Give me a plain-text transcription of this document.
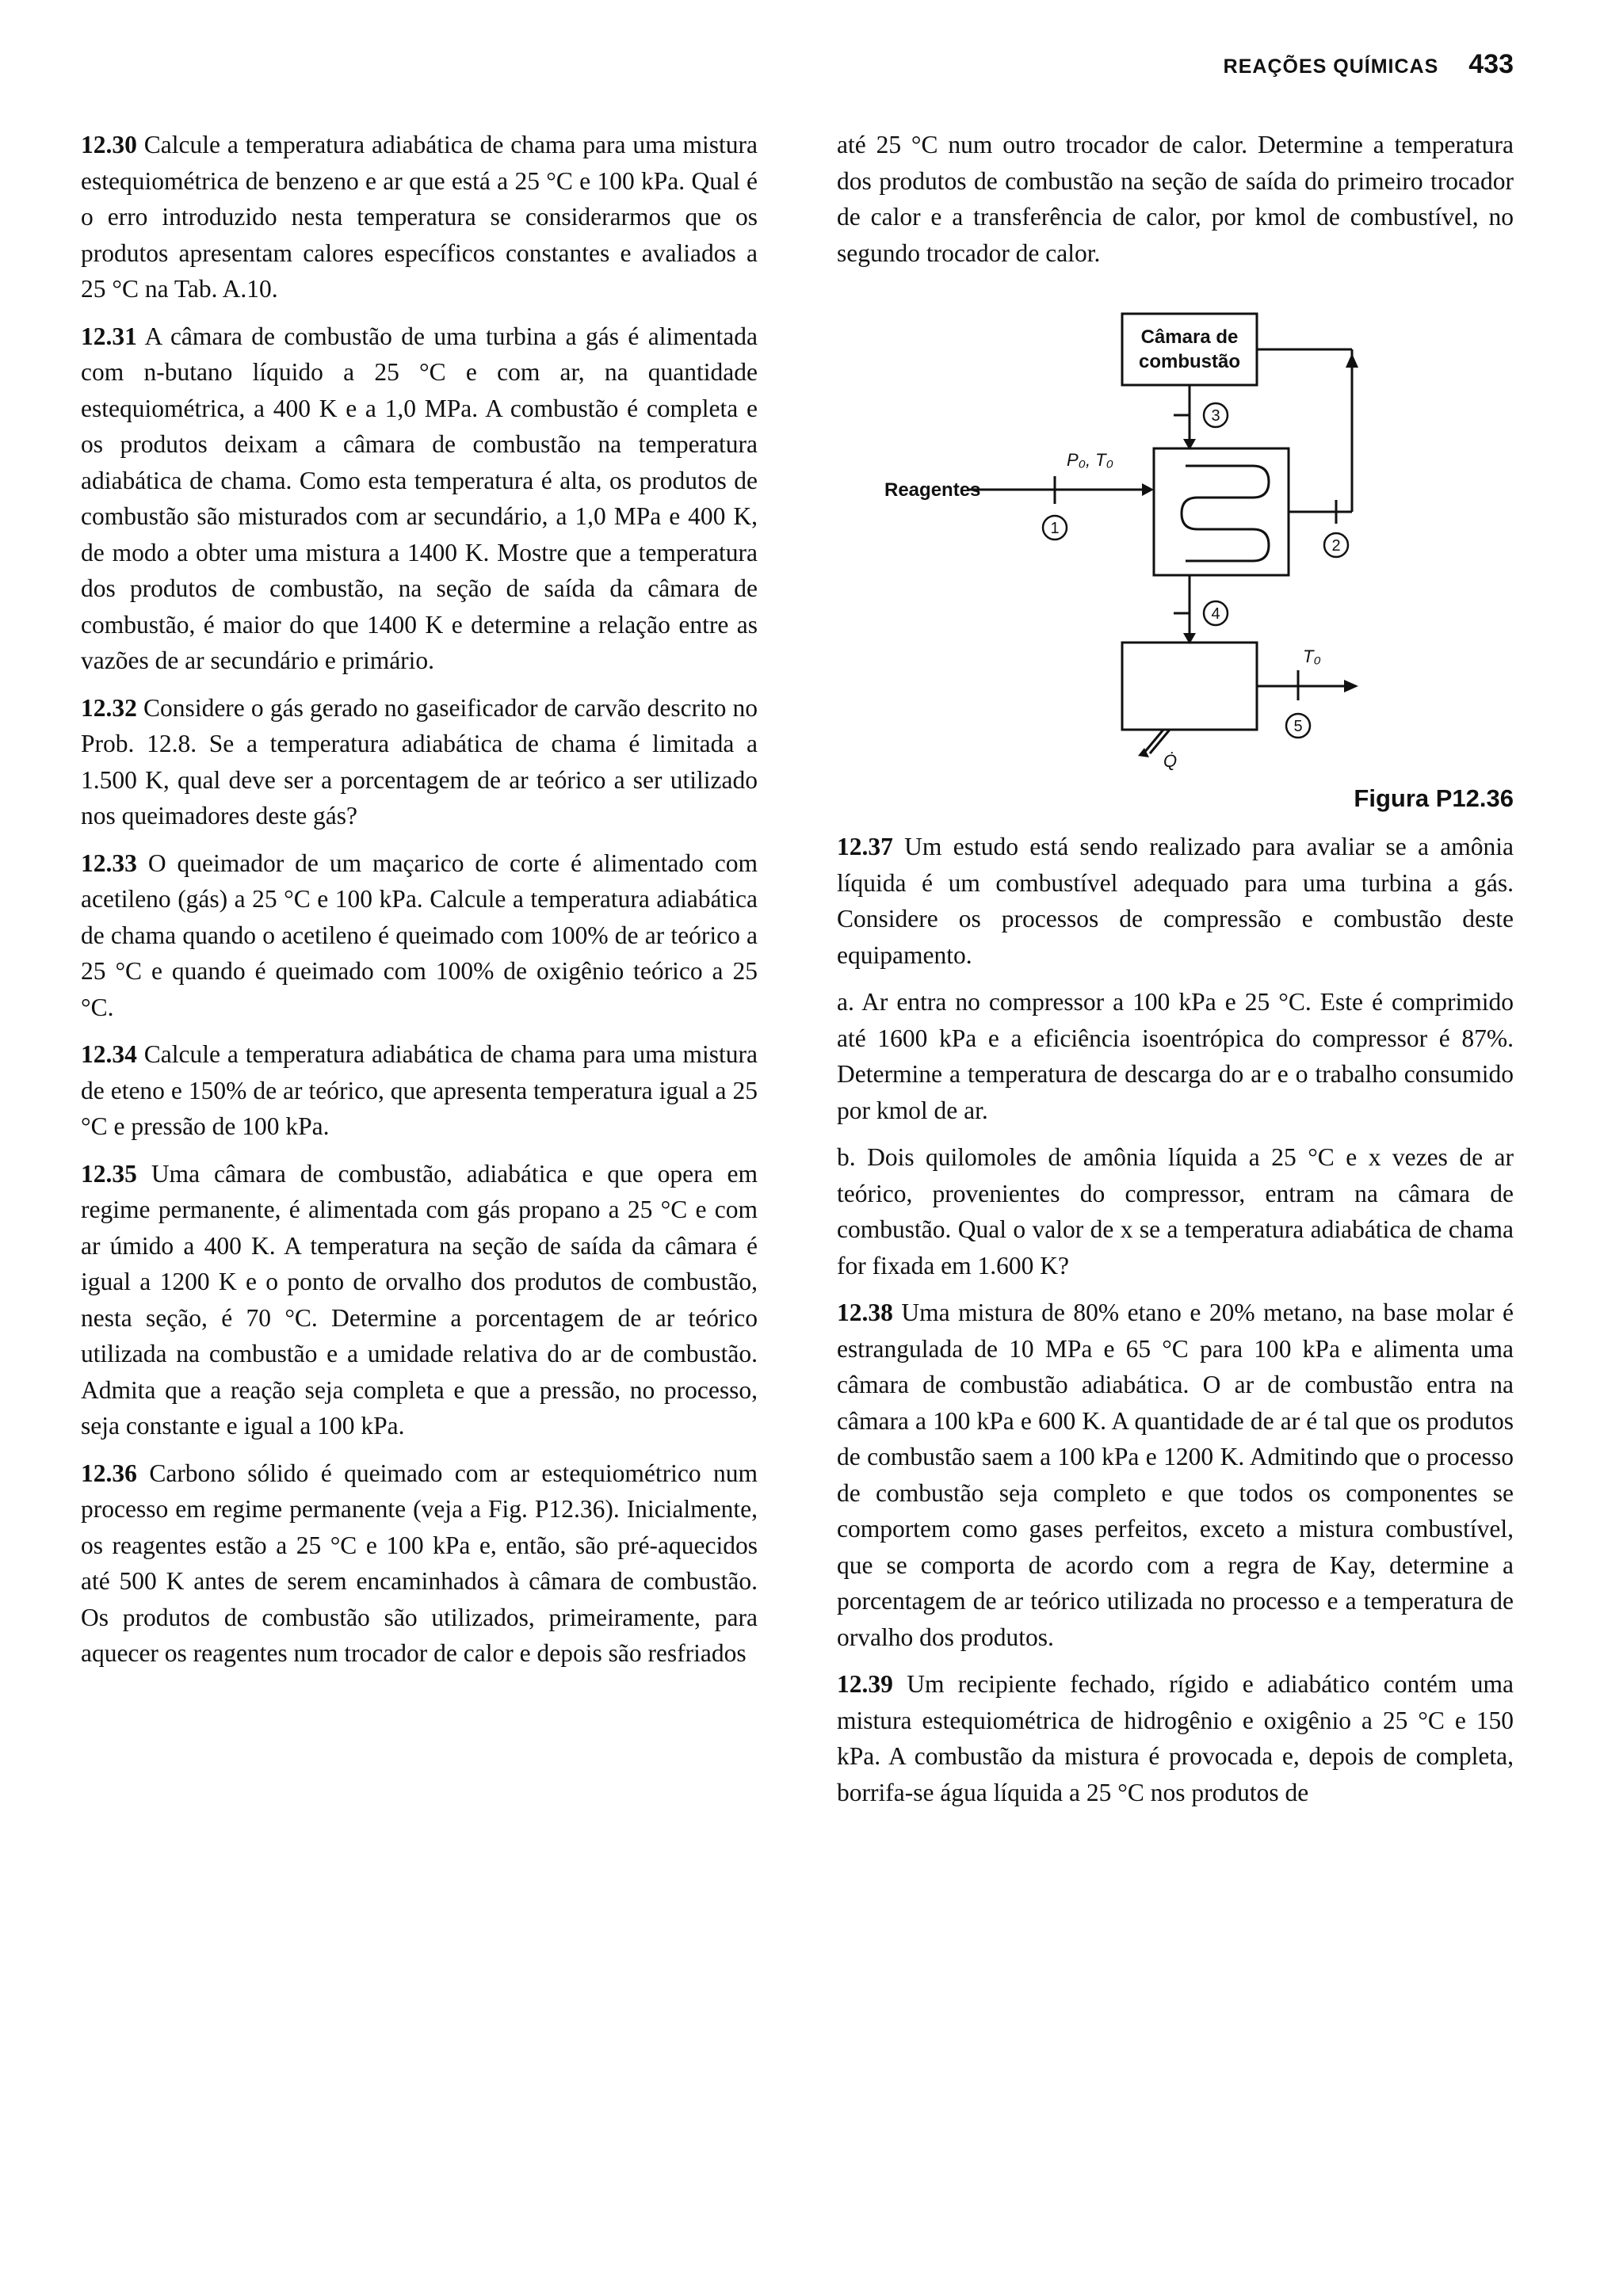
REAÇÕES QUÍMICAS 433

12.30 Calcule a temperatura adiabática de chama para uma mistura estequiométrica de benzeno e ar que está a 25 °C e 100 kPa. Qual é o erro introduzido nesta temperatura se considerarmos que os produtos apresentam calores específicos constantes e avaliados a 25 °C na Tab. A.10.

12.31 A câmara de combustão de uma turbina a gás é alimentada com n-butano líquido a 25 °C e com ar, na quantidade estequiométrica, a 400 K e a 1,0 MPa. A combustão é completa e os produtos deixam a câmara de combustão na temperatura adiabática de chama. Como esta temperatura é alta, os produtos de combustão são misturados com ar secundário, a 1,0 MPa e 400 K, de modo a obter uma mistura a 1400 K. Mostre que a temperatura dos produtos de combustão, na seção de saída da câmara de combustão, é maior do que 1400 K e determine a relação entre as vazões de ar secundário e primário.

12.32 Considere o gás gerado no gaseificador de carvão descrito no Prob. 12.8. Se a temperatura adiabática de chama é limitada a 1.500 K, qual deve ser a porcentagem de ar teórico a ser utilizado nos queimadores deste gás?

12.33 O queimador de um maçarico de corte é alimentado com acetileno (gás) a 25 °C e 100 kPa. Calcule a temperatura adiabática de chama quando o acetileno é queimado com 100% de ar teórico a 25 °C e quando é queimado com 100% de oxigênio teórico a 25 °C.

12.34 Calcule a temperatura adiabática de chama para uma mistura de eteno e 150% de ar teórico, que apresenta temperatura igual a 25 °C e pressão de 100 kPa.

12.35 Uma câmara de combustão, adiabática e que opera em regime permanente, é alimentada com gás propano a 25 °C e com ar úmido a 400 K. A temperatura na seção de saída da câmara é igual a 1200 K e o ponto de orvalho dos produtos de combustão, nesta seção, é 70 °C. Determine a porcentagem de ar teórico utilizada na combustão e a umidade relativa do ar de combustão. Admita que a reação seja completa e que a pressão, no processo, seja constante e igual a 100 kPa.

12.36 Carbono sólido é queimado com ar estequiométrico num processo em regime permanente (veja a Fig. P12.36). Inicialmente, os reagentes estão a 25 °C e 100 kPa e, então, são pré-aquecidos até 500 K antes de serem encaminhados à câmara de combustão. Os produtos de combustão são utilizados, primeiramente, para aquecer os reagentes num trocador de calor e depois são resfriados

até 25 °C num outro trocador de calor. Determine a temperatura dos produtos de combustão na seção de saída do primeiro trocador de calor e a transferência de calor, por kmol de combustível, no segundo trocador de calor.

3
1
2
4
5
Câmara de
combustão
Reagentes
P₀, T₀
T₀
Q̇
Figura P12.36

12.37 Um estudo está sendo realizado para avaliar se a amônia líquida é um combustível adequado para uma turbina a gás. Considere os processos de compressão e combustão deste equipamento.

a. Ar entra no compressor a 100 kPa e 25 °C. Este é comprimido até 1600 kPa e a eficiência isoentrópica do compressor é 87%. Determine a temperatura de descarga do ar e o trabalho consumido por kmol de ar.

b. Dois quilomoles de amônia líquida a 25 °C e x vezes de ar teórico, provenientes do compressor, entram na câmara de combustão. Qual o valor de x se a temperatura adiabática de chama for fixada em 1.600 K?

12.38 Uma mistura de 80% etano e 20% metano, na base molar é estrangulada de 10 MPa e 65 °C para 100 kPa e alimenta uma câmara de combustão adiabática. O ar de combustão entra na câmara a 100 kPa e 600 K. A quantidade de ar é tal que os produtos de combustão saem a 100 kPa e 1200 K. Admitindo que o processo de combustão seja completo e que todos os componentes se comportem como gases perfeitos, exceto a mistura combustível, que se comporta de acordo com a regra de Kay, determine a porcentagem de ar teórico utilizada no processo e a temperatura de orvalho dos produtos.

12.39 Um recipiente fechado, rígido e adiabático contém uma mistura estequiométrica de hidrogênio e oxigênio a 25 °C e 150 kPa. A combustão da mistura é provocada e, depois de completa, borrifa-se água líquida a 25 °C nos produtos de
